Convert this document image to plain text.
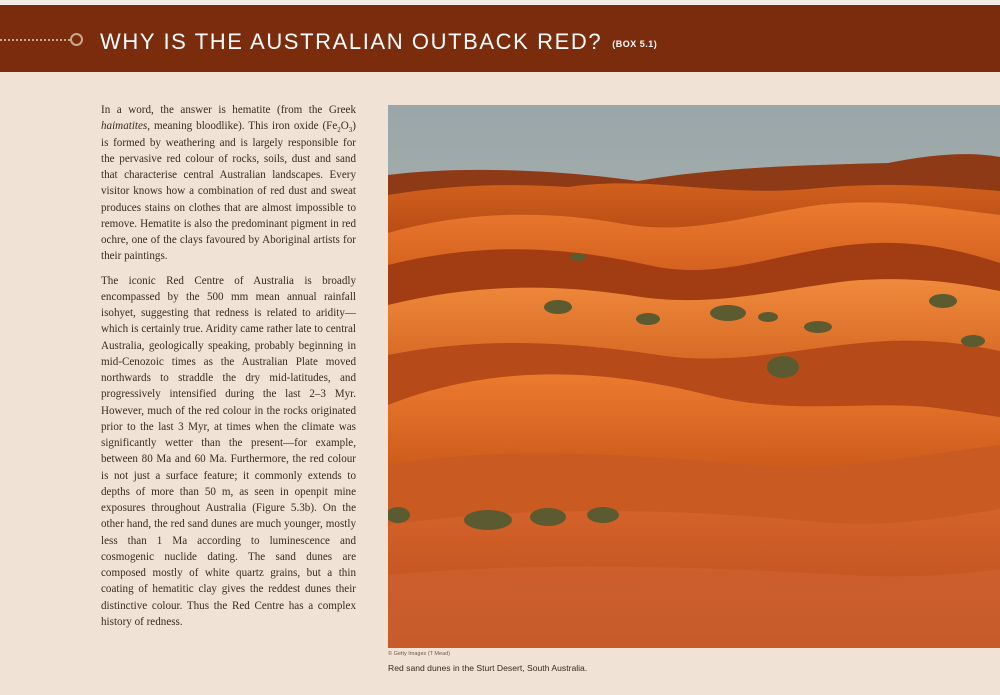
WHY IS THE AUSTRALIAN OUTBACK RED? (BOX 5.1)

In a word, the answer is hematite (from the Greek haimatites, meaning bloodlike). This iron oxide $(Fe_2O_3)$ is formed by weathering and is largely responsible for the pervasive red colour of rocks, soils, dust and sand that characterise central Australian landscapes. Every visitor knows how a combination of red dust and sweat produces stains on clothes that are almost impossible to remove. Hematite is also the predominant pigment in red ochre, one of the clays favoured by Aboriginal artists for their paintings.

The iconic Red Centre of Australia is broadly encompassed by the 500 mm mean annual rainfall isohyet, suggesting that redness is related to aridity—which is certainly true. Aridity came rather late to central Australia, geologically speaking, probably beginning in mid-Cenozoic times as the Australian Plate moved northwards to straddle the dry mid-latitudes, and progressively intensified during the last 2–3 Myr. However, much of the red colour in the rocks originated prior to the last 3 Myr, at times when the climate was significantly wetter than the present—for example, between 80 Ma and 60 Ma. Furthermore, the red colour is not just a surface feature; it commonly extends to depths of more than 50 m, as seen in openpit mine exposures throughout Australia (Figure 5.3b). On the other hand, the red sand dunes are much younger, mostly less than 1 Ma according to luminescence and cosmogenic nuclide dating. The sand dunes are composed mostly of white quartz grains, but a thin coating of hematitic clay gives the reddest dunes their distinctive colour. Thus the Red Centre has a complex history of redness.

© Getty Images (T Mead)
Red sand dunes in the Sturt Desert, South Australia.
